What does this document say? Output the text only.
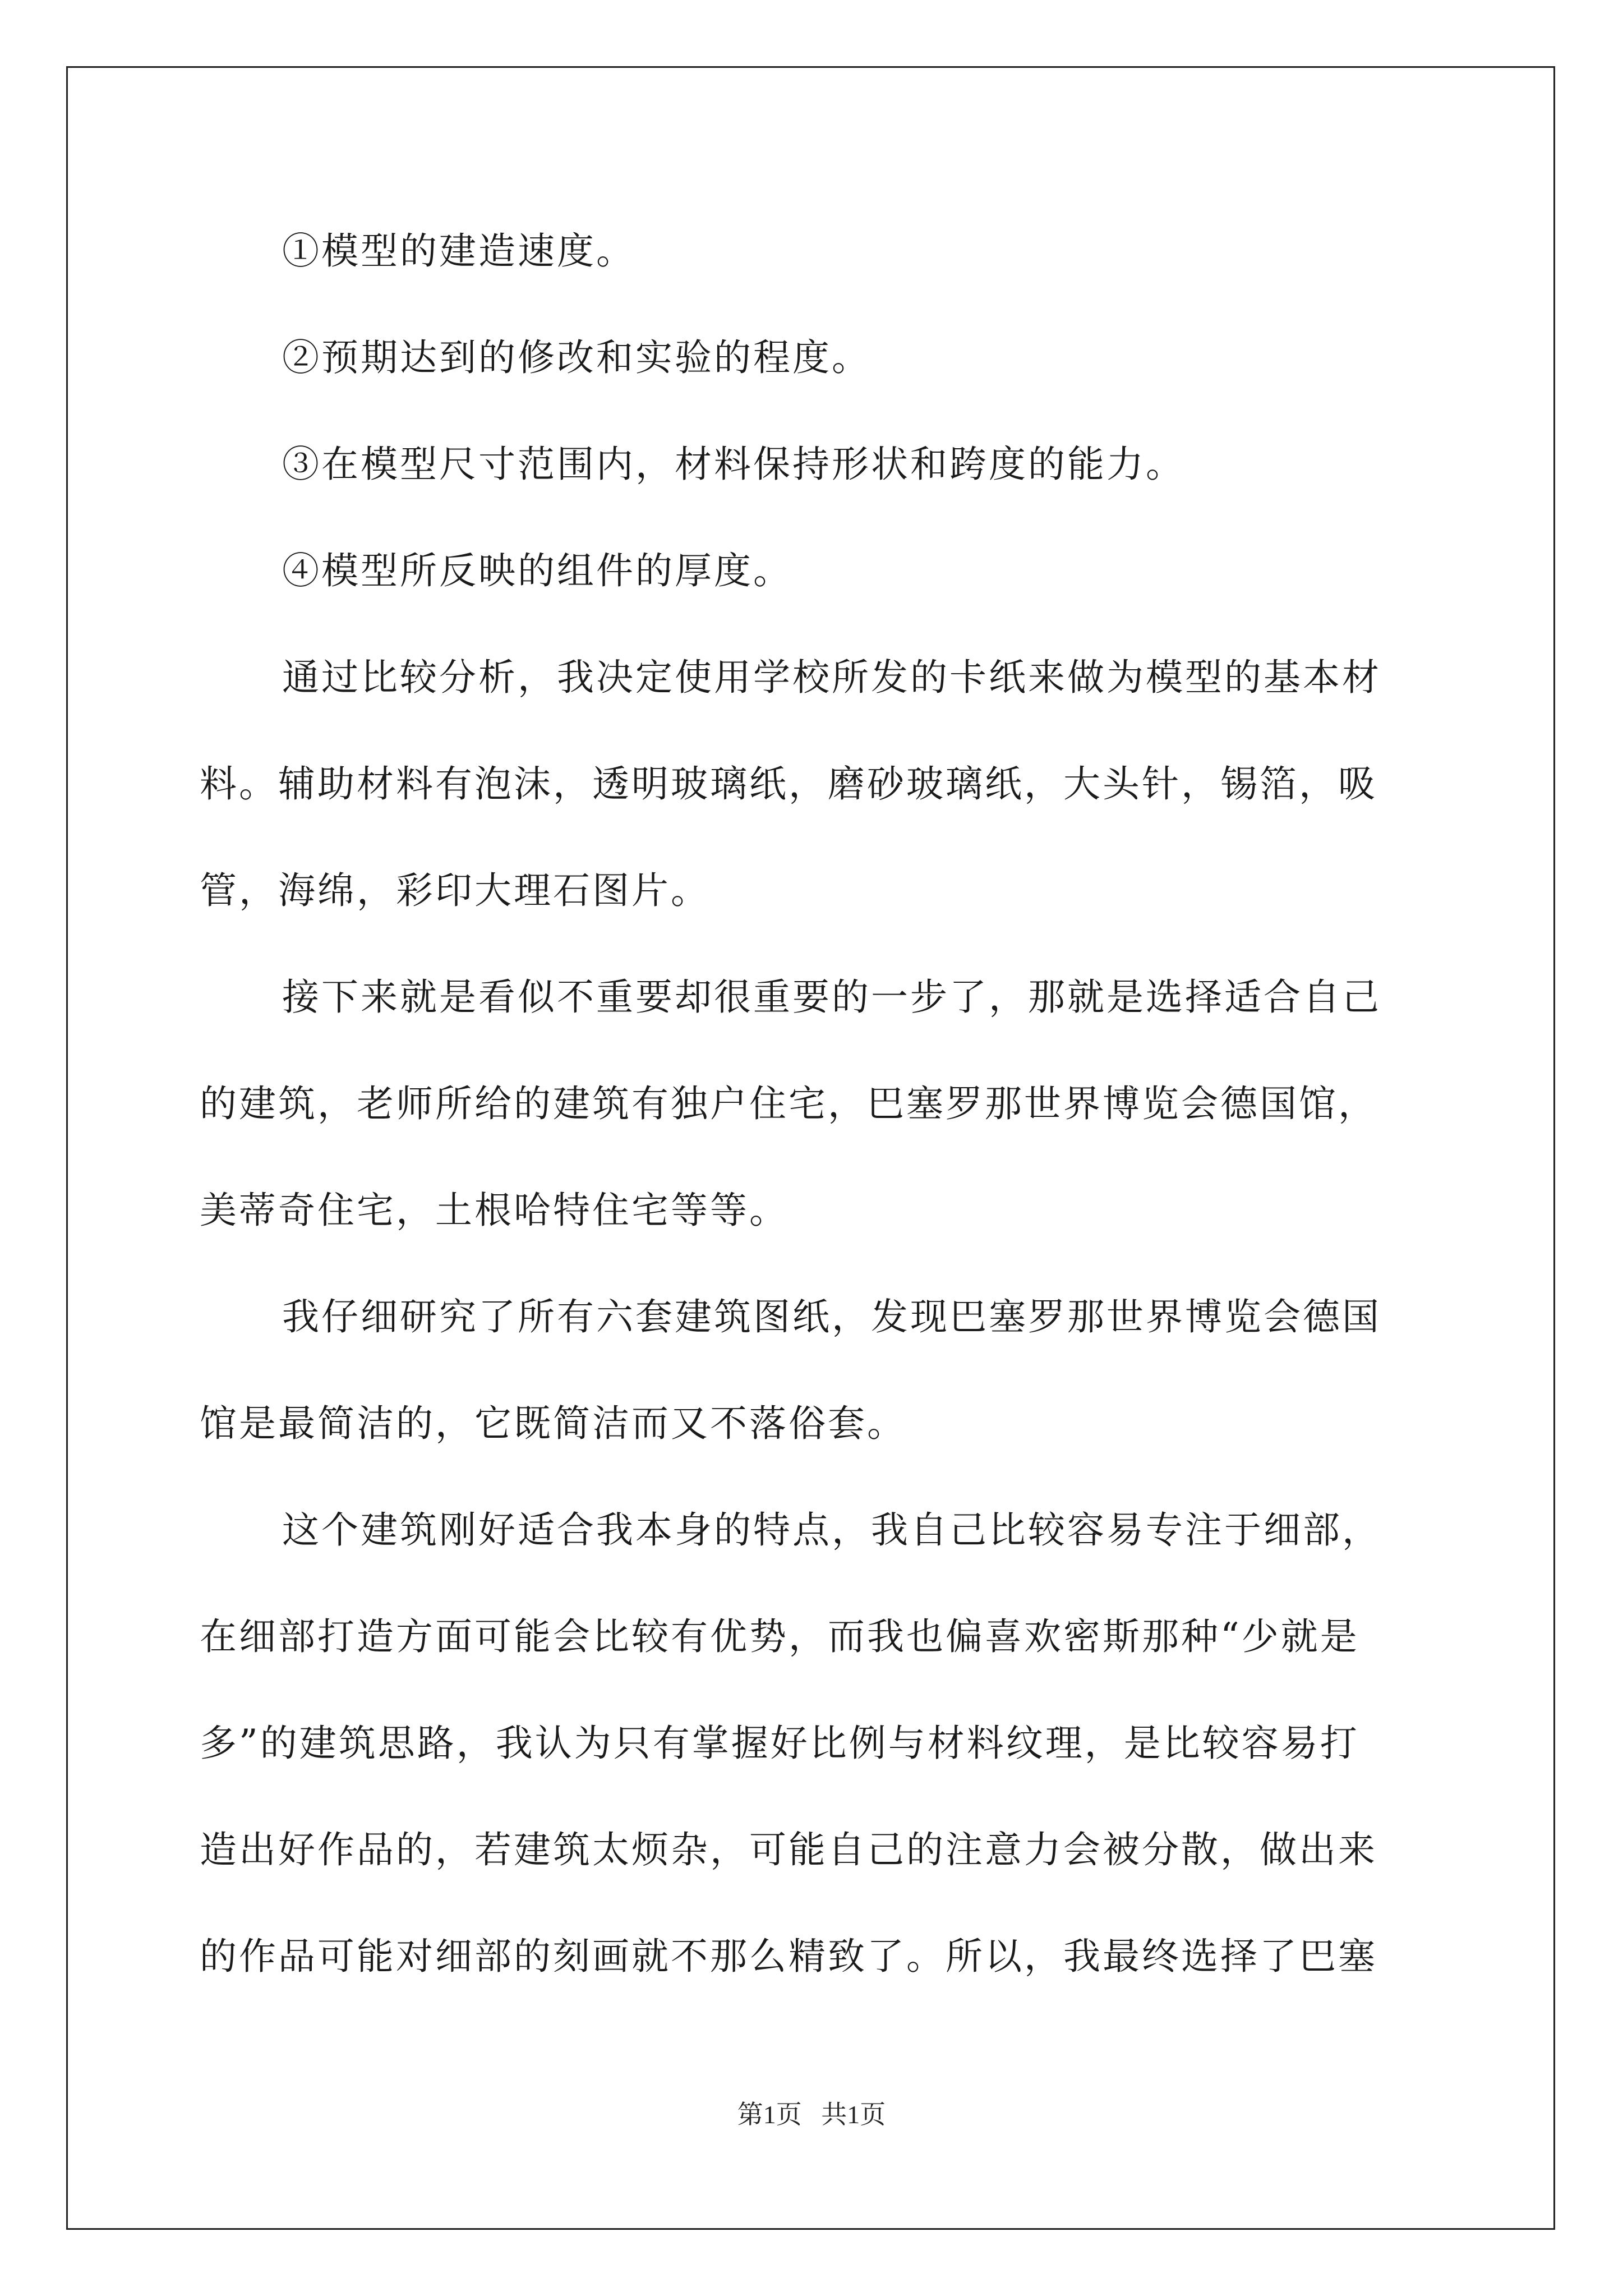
①模型的建造速度。
②预期达到的修改和实验的程度。
③在模型尺寸范围内，材料保持形状和跨度的能力。
④模型所反映的组件的厚度。
通过比较分析，我决定使用学校所发的卡纸来做为模型的基本材
料。辅助材料有泡沫，透明玻璃纸，磨砂玻璃纸，大头针，锡箔，吸
管，海绵，彩印大理石图片。
接下来就是看似不重要却很重要的一步了，那就是选择适合自己
的建筑，老师所给的建筑有独户住宅，巴塞罗那世界博览会德国馆，
美蒂奇住宅，土根哈特住宅等等。
我仔细研究了所有六套建筑图纸，发现巴塞罗那世界博览会德国
馆是最简洁的，它既简洁而又不落俗套。
这个建筑刚好适合我本身的特点，我自己比较容易专注于细部，
在细部打造方面可能会比较有优势，而我也偏喜欢密斯那种“少就是
多”的建筑思路，我认为只有掌握好比例与材料纹理，是比较容易打
造出好作品的，若建筑太烦杂，可能自己的注意力会被分散，做出来
的作品可能对细部的刻画就不那么精致了。所以，我最终选择了巴塞
第1页   共1页
